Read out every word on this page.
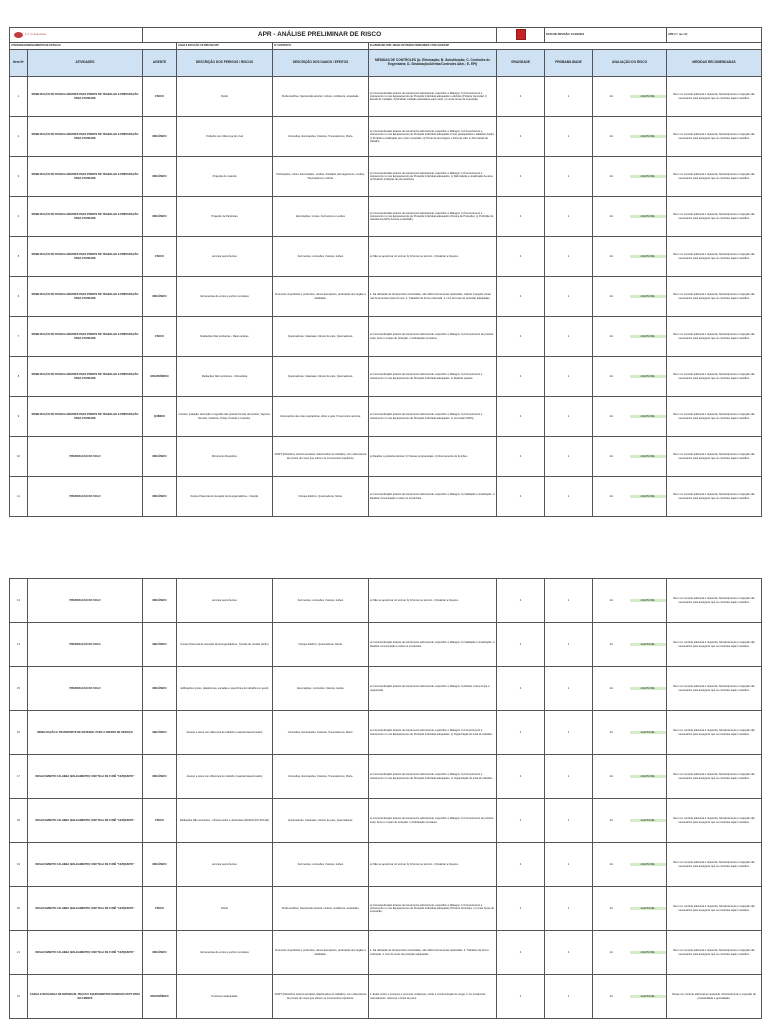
A. A. M. Engenharia		APR - ANÁLISE PRELIMINAR DE RISCO					DATA DE REVISÃO: 10/10/2024		APR nº / rev: 04
ATIVIDADE/ARRANJAMENTO DE ESTACAS			LINHA 8 ESTAÇÃO CS BRUSAFURY	Nº CONTRATO:	ELABORADO POR: DIEGO DO PRADO FERNANDES / MTE-011004/SP				
Item Nº	ATIVIDADES	AGENTE	DESCRIÇÃO DOS PERIGOS / RISCOS	DESCRIÇÃO DOS DANOS / EFEITOS	MEDIDAS DE CONTROLES (A- Eliminação; B- Substituição; C- Controles de Engenharia; D- Sinalização/Alertas/Controles Adm.; E- EPI)	GRAVIDADE	PROBABILIDADE	AVALIAÇÃO DO RISCO	MEDIDAS RECOMENDADAS
1	MOBILIZAÇÃO DE TRABALHADORES PARA FRENTE DE TRABALHO E PREPARAÇÃO PARA ATIVIDADE	FÍSICO	Ruído	Perda Auditiva, hipertensão arterial, insônia, confidente, ansiedade.	a) Conscientização através de treinamento admissional, específico e Diálogos. b) Fornecimento e treinamento no uso Equipamentos de Proteção Individual adequados e aferidos (Protetor Auricular) c) Ensaio de medição. d) Realizar medição quantitativa para ruído. e) Limite horas de exposição.	4	1	4A ACEITÁVEL	Nem um controle adicional é requerido. Monitoramento e inspeção são necessários para assegurar que os controles sejam mantidos.
2	MOBILIZAÇÃO DE TRABALHADORES PARA FRENTE DE TRABALHO E PREPARAÇÃO PARA ATIVIDADE	MECÂNICO	Trabalho com diferença de nível	Contusões, Escoriações, Fraturas, Traumatismos, Morte.	a) Conscientização através de treinamento admissional, específico e Diálogos. b) Fornecimento e treinamento no uso Equipamentos de Proteção Individual adequados (Cinto paraquedista e talabarte duplo). c) Proibido a realização sem cinto conectado. d) Ponto de ancoragem e linha de vida. e) Permissão de trabalho.	4	1	4A ACEITÁVEL	Nem um controle adicional é requerido. Monitoramento e inspeção são necessários para assegurar que os controles sejam mantidos.
3	MOBILIZAÇÃO DE TRABALHADORES PARA FRENTE DE TRABALHO E PREPARAÇÃO PARA ATIVIDADE	MECÂNICO	Projeção de material	Perfurações, cortes, Escoriações, Lesões, Atividade, Esmagamento, Lesões, Traumatismos e Morte.	a) Conscientização através de treinamento admissional, específico e Diálogos. b) Fornecimento e treinamento no uso Equipamentos de Proteção Individual adequados. c) Delimitação e sinalização da área. d) Sinalizar proibição de permanência.	4	1	4A ACEITÁVEL	Nem um controle adicional é requerido. Monitoramento e inspeção são necessários para assegurar que os controles sejam mantidos.
4	MOBILIZAÇÃO DE TRABALHADORES PARA FRENTE DE TRABALHO E PREPARAÇÃO PARA ATIVIDADE	MECÂNICO	Projeção de Partículas	Escoriações, Cortes, Ferimentos e Lesões	a) Conscientização através de treinamento admissional, específico e Diálogos. b) Fornecimento e treinamento no uso Equipamentos de Proteção Individual adequados (Óculos de Proteção). c) Proibição de retirada dos EPIs durante a atividade.	4	1	4A ACEITÁVEL	Nem um controle adicional é requerido. Monitoramento e inspeção são necessários para assegurar que os controles sejam mantidos.
5	MOBILIZAÇÃO DE TRABALHADORES PARA FRENTE DE TRABALHO E PREPARAÇÃO PARA ATIVIDADE	FÍSICO	animais peçonhentos	Ferimentos, contusões, fraturas, lesões	a) Não se aproximar do animal. b) Informar ao técnico. c) Realizar a limpeza.	4	1	4A ACEITÁVEL	Nem um controle adicional é requerido. Monitoramento e inspeção são necessários para assegurar que os controles sejam mantidos.
6	MOBILIZAÇÃO DE TRABALHADORES PARA FRENTE DE TRABALHO E PREPARAÇÃO PARA ATIVIDADE	MECÂNICO	Ferramentas de cortes e perfuro cortantes	Ferimento superficiais e profundos, danos lacerações, perfuração dos órgãos e fatalidade.	1. Na utilização de ferramentas motorizadas, não utilizar ferramentas quebradas, realizar inspeção visual nas ferramentas antes do uso. 2. Trabalhar de forma ordenada. 3. Uso de luvas de proteção adequadas.	4	1	4A ACEITÁVEL	Nem um controle adicional é requerido. Monitoramento e inspeção são necessários para assegurar que os controles sejam mantidos.
7	MOBILIZAÇÃO DE TRABALHADORES PARA FRENTE DE TRABALHO E PREPARAÇÃO PARA ATIVIDADE	FÍSICO	Radiações Não ionizantes - Raios solares	Queimaduras, Cataratas, Câncer de pele, Queimaduras.	a) Conscientização através de treinamento admissional, específico e Diálogos. b) Fornecimento de protetor solar, boné e roupas de proteção. c) Hidratação constante.	4	1	4A ACEITÁVEL	Nem um controle adicional é requerido. Monitoramento e inspeção são necessários para assegurar que os controles sejam mantidos.
8	MOBILIZAÇÃO DE TRABALHADORES PARA FRENTE DE TRABALHO E PREPARAÇÃO PARA ATIVIDADE	ERGONÔMICO	Radiações Não ionizantes - Ultravioleta	Queimaduras, Cataratas, Câncer de pele, Queimaduras.	a) Conscientização através de treinamento admissional, específico e Diálogos. b) Fornecimento e treinamento no uso Equipamentos de Proteção Individual adequados. c) Realizar pausas.	4	1	4A ACEITÁVEL	Nem um controle adicional é requerido. Monitoramento e inspeção são necessários para assegurar que os controles sejam mantidos.
9	MOBILIZAÇÃO DE TRABALHADORES PARA FRENTE DE TRABALHO E PREPARAÇÃO PARA ATIVIDADE	QUÍMICO	Contato, inalação, absorção e ingestão das poeiras formas de Graxas, Vapores, Névoas, Gasolina, Tintas, Poeiras e Líquidos.	Intoxicações das vias respiratórias, olhos e pele, Pneumonite química.	a) Conscientização através de treinamento admissional, específico e Diálogos. b) Fornecimento e treinamento no uso Equipamentos de Proteção Individual adequados. c) Consultar FISPQ.	4	1	4A ACEITÁVEL	Nem um controle adicional é requerido. Monitoramento e inspeção são necessários para assegurar que os controles sejam mantidos.
10	PREPARAÇÃO DO SOLO	MECÂNICO	Movimento Repetitivo	DORT (Distúrbios osteomusculares relacionados ao trabalho), com observância de pontos do corpo que sofrem os movimentos repetitivos.	a) Realizar a ginástica laboral. b) Pausas programadas. c) Revezamento de funções.	4	1	4A ACEITÁVEL	Nem um controle adicional é requerido. Monitoramento e inspeção são necessários para assegurar que os controles sejam mantidos.
11	PREPARAÇÃO DO SOLO	MECÂNICO	Fontes Potencial de Geração de Energia Elétrica - Indução	Choque Elétrico, Queimaduras, Morte.	a) Conscientização através de treinamento admissional, específico e Diálogos. b) Validação e sinalização. c) Realizar comunicação e todos os envolvidos.	4	1	4A ACEITÁVEL	Nem um controle adicional é requerido. Monitoramento e inspeção são necessários para assegurar que os controles sejam mantidos.
13	PREPARAÇÃO DO SOLO	MECÂNICO	animais peçonhentos	Ferimentos, contusões, fraturas, lesões	a) Não se aproximar do animal. b) Informar ao técnico. c) Realizar a limpeza.	4	1	4A ACEITÁVEL	Nem um controle adicional é requerido. Monitoramento e inspeção são necessários para assegurar que os controles sejam mantidos.
14	PREPARAÇÃO DO SOLO	MECÂNICO	Fontes Potencial de Geração de Energia Elétrica - Tensão de contato (atrito)	Choque Elétrico, Queimaduras, Morte.	a) Conscientização através de treinamento admissional, específico e Diálogos. b) Validação e sinalização. c) Realizar comunicação e todos os envolvidos.	4	1	4A ACEITÁVEL	Nem um controle adicional é requerido. Monitoramento e inspeção são necessários para assegurar que os controles sejam mantidos.
15	PREPARAÇÃO DO SOLO	MECÂNICO	Edificações (pisos, plataformas, escadas e superfícies de trabalho em geral)	Escoriações, contusões, fraturas, lesões	a) Conscientização através de treinamento admissional, específico e Diálogos. b) Manter a área limpa e organizada.	4	1	4A ACEITÁVEL	Nem um controle adicional é requerido. Monitoramento e inspeção são necessários para assegurar que os controles sejam mantidos.
16	MOBILIZAÇÃO E TRANSPORTE DE MATERIAL PARA A FRENTE DE SERVIÇO	MECÂNICO	Acesso a pisos com diferença de trabalho (material desarrumado)	Contusões, Escoriações, Fraturas, Traumatismos, Morte.	a) Conscientização através de treinamento admissional, específico e Diálogos. b) Fornecimento e treinamento no uso Equipamentos de Proteção Individual adequados. c) Organização do local de trabalho.	4	1	4A ACEITÁVEL	Nem um controle adicional é requerido. Monitoramento e inspeção são necessários para assegurar que os controles sejam mantidos.
17	DESLIZAMENTO CALHEBA (BALEAMENTO) COM TELA DE FUNÊ "CERQUEITE"	MECÂNICO	Acesso a pisos com diferença de trabalho (material desarrumado)	Contusões, Escoriações, Fraturas, Traumatismos, Morte.	a) Conscientização através de treinamento admissional, específico e Diálogos. b) Fornecimento e treinamento no uso Equipamentos de Proteção Individual adequados. c) Organização do local de trabalho.	4	1	4A ACEITÁVEL	Nem um controle adicional é requerido. Monitoramento e inspeção são necessários para assegurar que os controles sejam mantidos.
18	DESLIZAMENTO CALHEBA (BALEAMENTO) COM TELA DE FUNÊ "CERQUEITE"	FÍSICO	Radiações Não ionizantes - Infravermelho e ultravioleta (RADIAÇÃO SOLAR)	Queimaduras, Cataratas, Câncer de pele, Queimaduras.	a) Conscientização através de treinamento admissional, específico e Diálogos. b) Fornecimento de protetor solar, boné e roupas de proteção. c) Hidratação constante.	4	1	4A ACEITÁVEL	Nem um controle adicional é requerido. Monitoramento e inspeção são necessários para assegurar que os controles sejam mantidos.
19	DESLIZAMENTO CALHEBA (BALEAMENTO) COM TELA DE FUNÊ "CERQUEITE"	MECÂNICO	animais peçonhentos	Ferimentos, contusões, fraturas, lesões	a) Não se aproximar do animal. b) Informar ao técnico. c) Realizar a limpeza.	4	1	4A ACEITÁVEL	Nem um controle adicional é requerido. Monitoramento e inspeção são necessários para assegurar que os controles sejam mantidos.
20	DESLIZAMENTO CALHEBA (BALEAMENTO) COM TELA DE FUNÊ "CERQUEITE"	FÍSICO	Ruído	Perda Auditiva, hipertensão arterial, insônia, confidente, ansiedade.	a) Conscientização através de treinamento admissional, específico e Diálogos. b) Fornecimento e treinamento no uso Equipamentos de Proteção Individual adequados (Protetor Auricular). c) Limite horas de exposição.	4	1	4A ACEITÁVEL	Nem um controle adicional é requerido. Monitoramento e inspeção são necessários para assegurar que os controles sejam mantidos.
21	DESLIZAMENTO CALHEBA (BALEAMENTO) COM TELA DE FUNÊ "CERQUEITE"	MECÂNICO	Ferramentas de cortes e perfuro cortantes	Ferimento superficiais e profundos, danos lacerações, perfuração dos órgãos e fatalidade.	1. Na utilização de ferramentas motorizadas, não utilizar ferramentas quebradas. 2. Trabalhar de forma ordenada. 3. Uso de luvas de proteção adequadas.	4	4	1A ACEITÁVEL	Nem um controle adicional é requerido. Monitoramento e inspeção são necessários para assegurar que os controles sejam mantidos.
21	CARGA E DESCARGA DE MATERIAIS, PEÇAS E EQUIPAMENTOS DIVERSOS PETS PARA MA FRENTE	ERGONÔMICO	Posturas Inadequadas	DORT (Distúrbios osteomusculares relacionados ao trabalho), com observância de pontos do corpo que sofrem os movimentos repetitivos.	1. Evitar sofrer o processo e provocar mudanças, iniciar a movimentação de carga. 2. Ao transportar manualmente, observar o limite de peso.	4	1	4A ACEITÁVEL	Nesse um controle adicional ao requerido. Monitoramento e inspeção da produtividade e granulidade.
